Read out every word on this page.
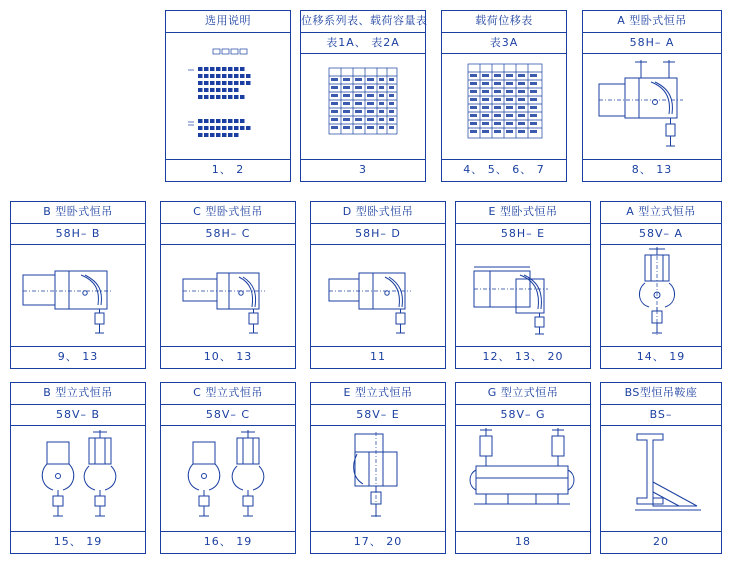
选用说明
1、 2
位移系列表、载荷容量表
表1A、 表2A
3
载荷位移表
表3A
4、 5、 6、 7
A 型卧式恒吊
58H– A
8、 13
B 型卧式恒吊
58H– B
9、 13
C 型卧式恒吊
58H– C
10、 13
D 型卧式恒吊
58H– D
11
E 型卧式恒吊
58H– E
12、 13、 20
A 型立式恒吊
58V– A
14、 19
B 型立式恒吊
58V– B
15、 19
C 型立式恒吊
58V– C
16、 19
E 型立式恒吊
58V– E
17、 20
G 型立式恒吊
58V– G
18
BS型恒吊鞍座
BS–
20
